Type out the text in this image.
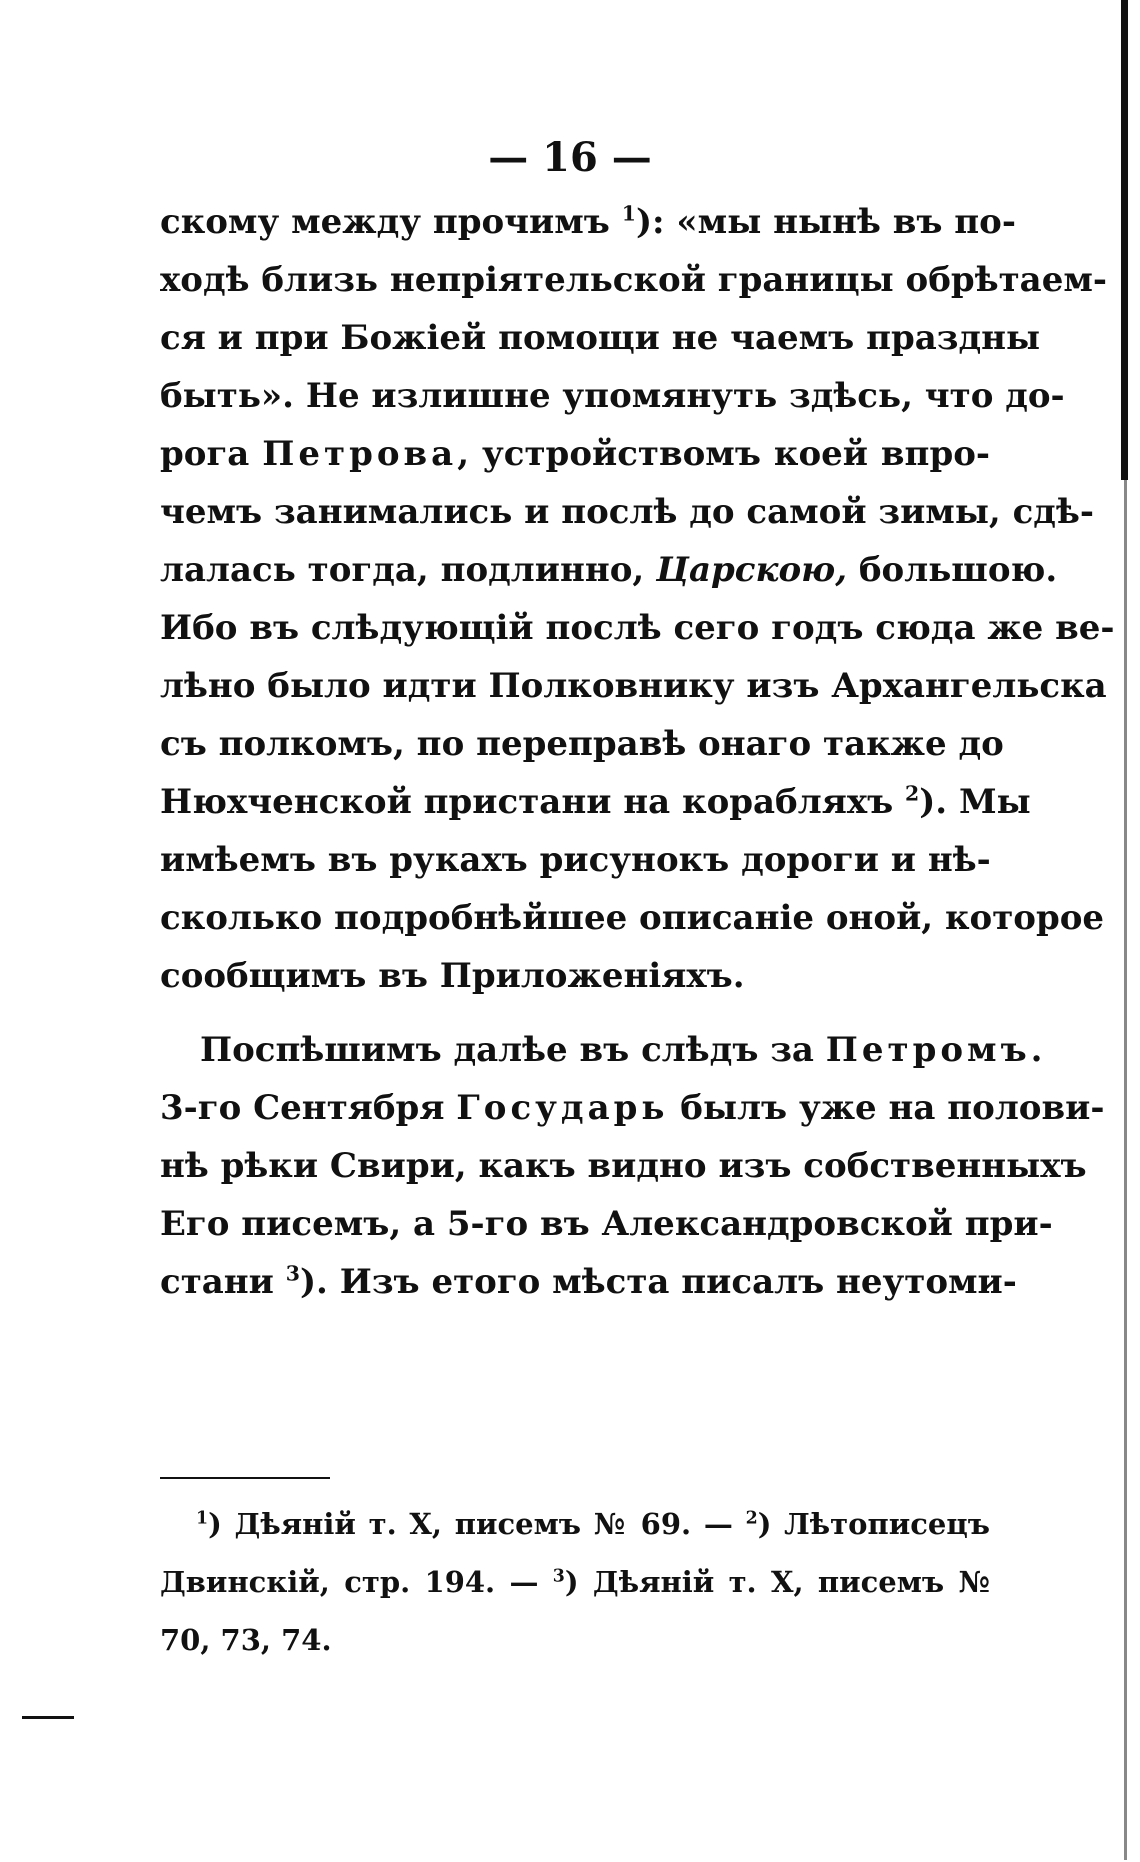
— 16 —
скому между прочимъ $^1$): «мы нынѣ въ по-
ходѣ близь непріятельской границы обрѣтаем-
ся и при Божіей помощи не чаемъ праздны
быть». Не излишне упомянуть здѣсь, что до-
рога Петрова, устройствомъ коей впро-
чемъ занимались и послѣ до самой зимы, сдѣ-
лалась тогда, подлинно, Царскою, большою.
Ибо въ слѣдующій послѣ сего годъ сюда же ве-
лѣно было идти Полковнику изъ Архангельска
съ полкомъ, по переправѣ онаго также до
Нюхченской пристани на корабляхъ $^2$). Мы
имѣемъ въ рукахъ рисунокъ дороги и нѣ-
сколько подробнѣйшее описаніе оной, которое
сообщимъ въ Приложеніяхъ.
Поспѣшимъ далѣе въ слѣдъ за Петромъ.
3-го Сентября Государь былъ уже на полови-
нѣ рѣки Свири, какъ видно изъ собственныхъ
Его писемъ, а 5-го въ Александровской при-
стани $^3$). Изъ етого мѣста писалъ неутоми-
$^1$) Дѣяній т. X, писемъ № 69. — $^2$) Лѣтописецъ
Двинскій, стр. 194. — $^3$) Дѣяній т. X, писемъ №
70, 73, 74.
